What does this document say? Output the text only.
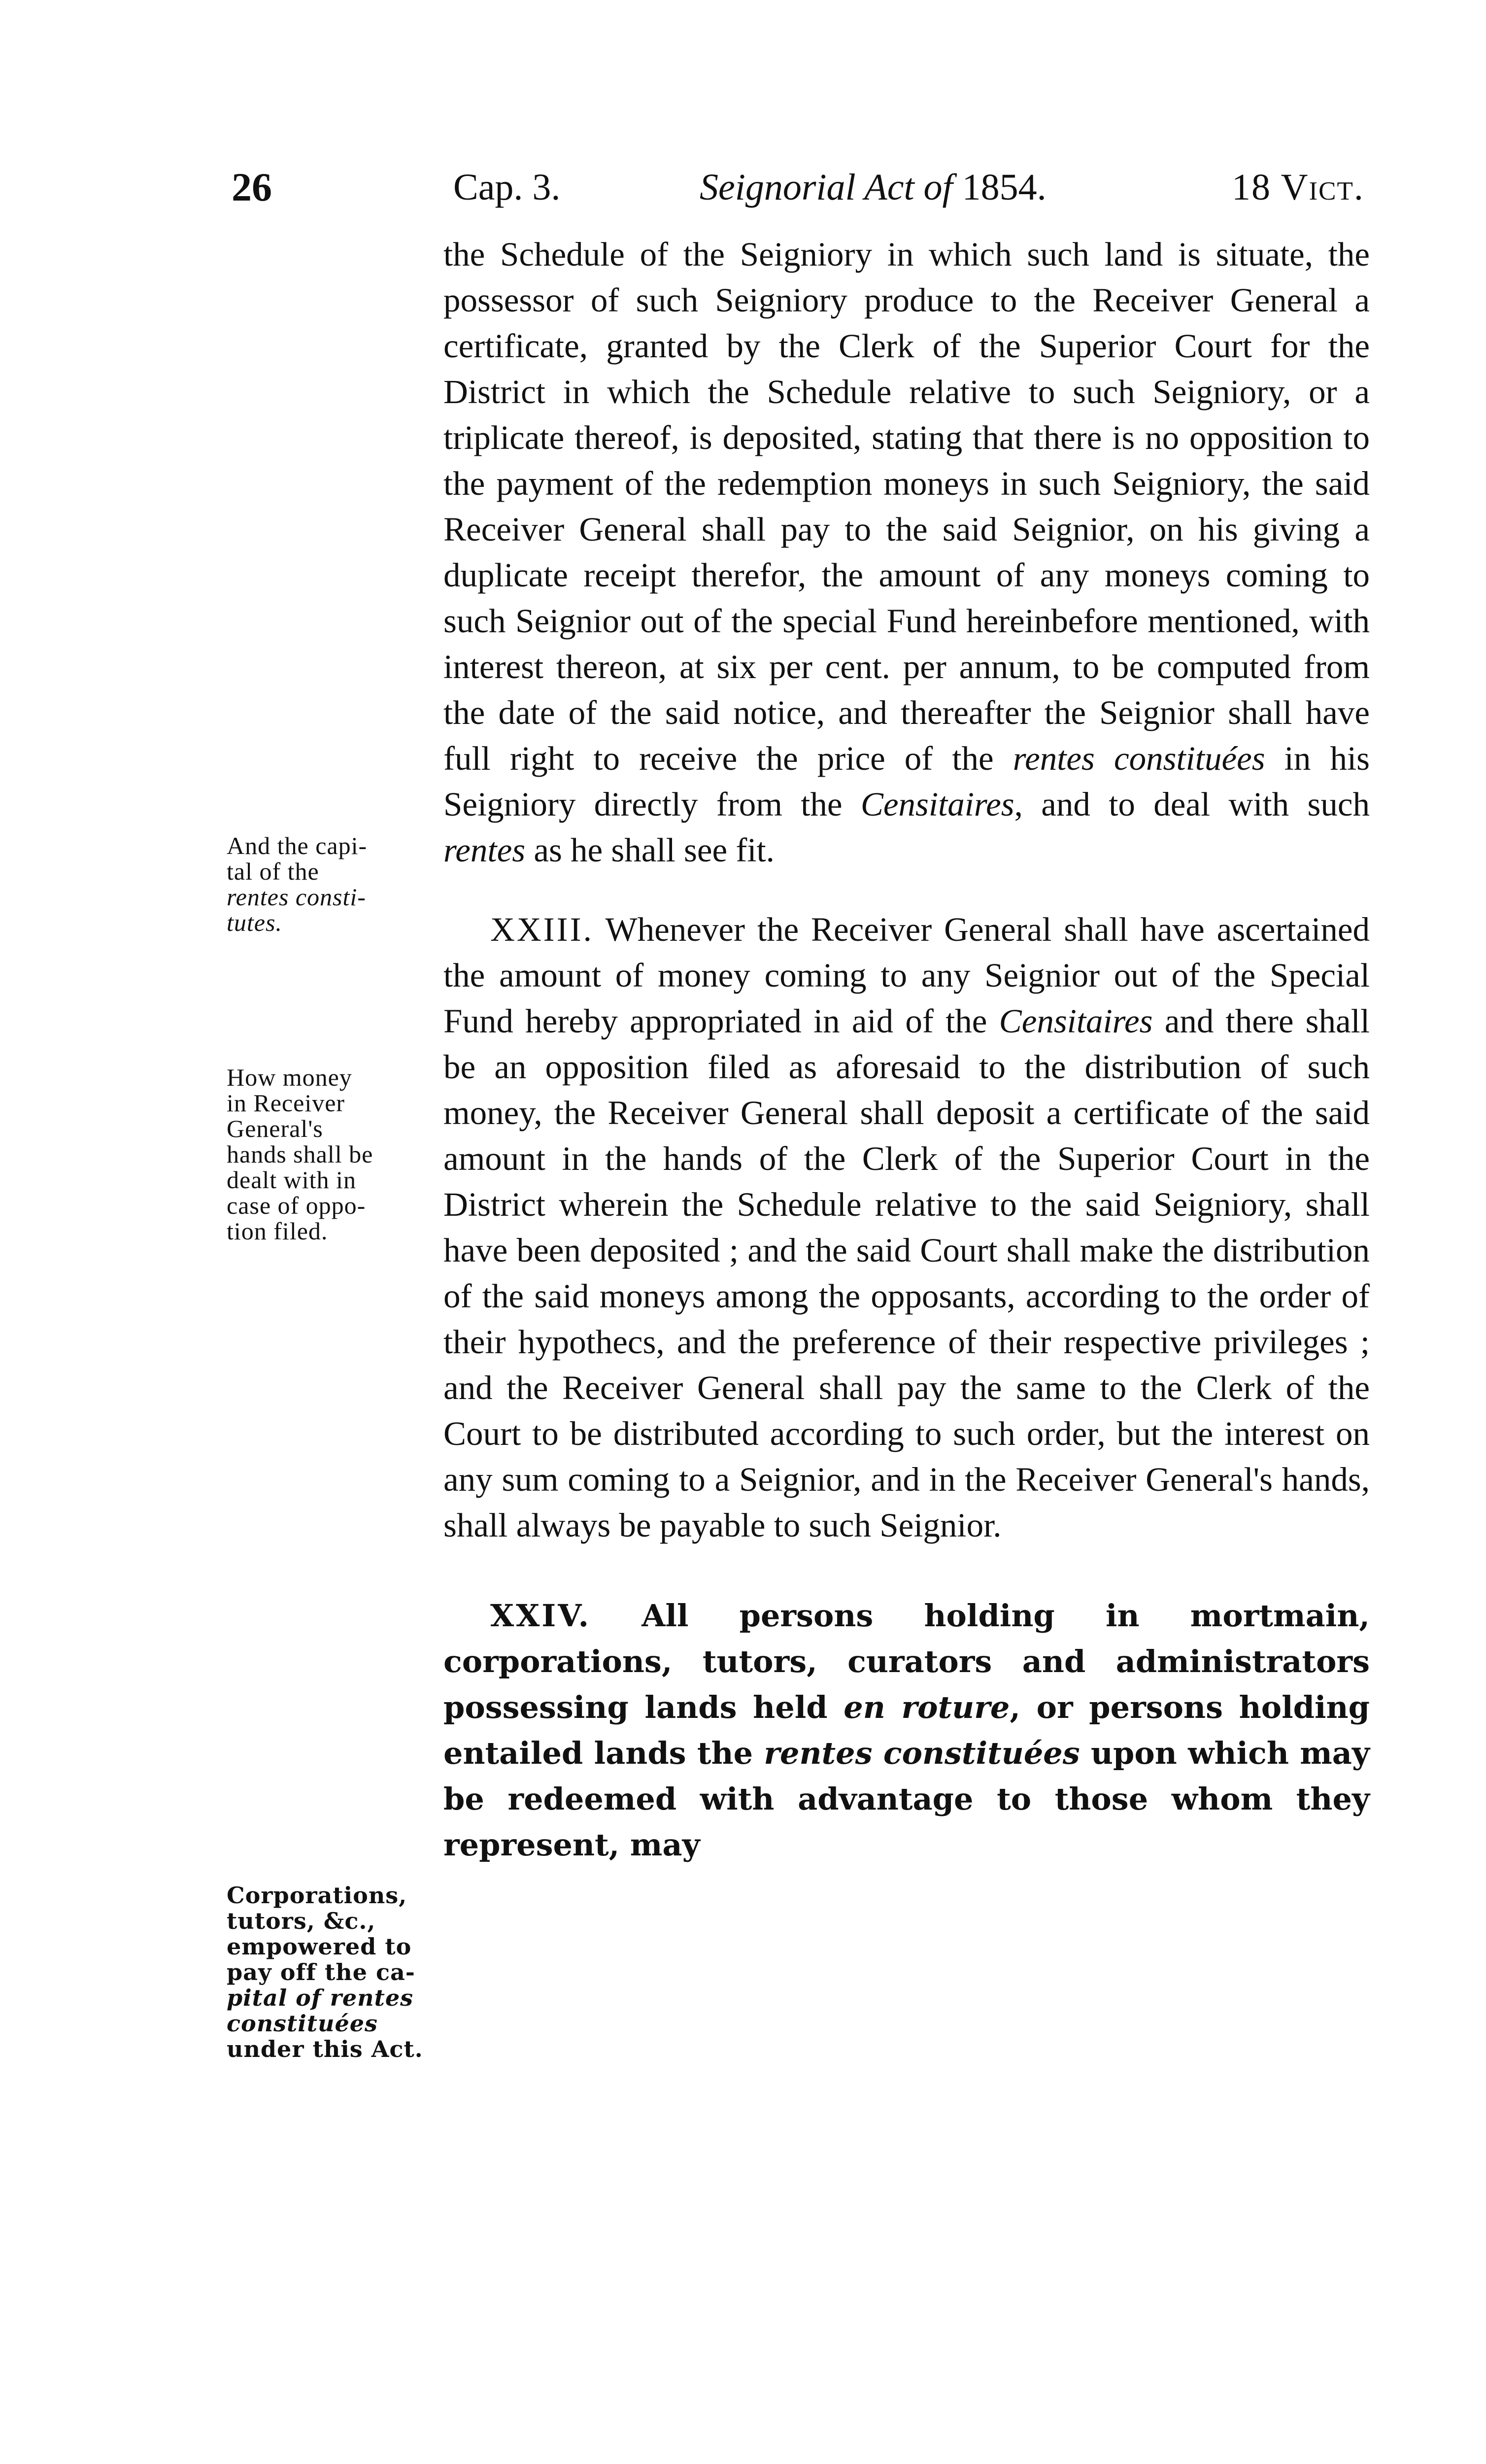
26	Cap. 3.	Seignorial Act of 1854.	18 Vict.
And the capi-
tal of the
rentes consti-
tutes.
How money
in Receiver
General's
hands shall be
dealt with in
case of oppo-
tion filed.
Corporations,
tutors, &c.,
empowered to
pay off the ca-
pital of rentes
constituées
under this Act.

the Schedule of the Seigniory in which such land is situate, the possessor of such Seigniory produce to the Receiver General a certificate, granted by the Clerk of the Superior Court for the District in which the Schedule relative to such Seigniory, or a triplicate thereof, is deposited, stating that there is no opposition to the payment of the redemption moneys in such Seigniory, the said Receiver General shall pay to the said Seignior, on his giving a duplicate receipt therefor, the amount of any moneys coming to such Seignior out of the special Fund hereinbefore mentioned, with interest thereon, at six per cent. per annum, to be computed from the date of the said notice, and thereafter the Seignior shall have full right to receive the price of the rentes constituées in his Seigniory directly from the Censitaires, and to deal with such rentes as he shall see fit.

XXIII. Whenever the Receiver General shall have ascertained the amount of money coming to any Seignior out of the Special Fund hereby appropriated in aid of the Censitaires and there shall be an opposition filed as aforesaid to the distribution of such money, the Receiver General shall deposit a certificate of the said amount in the hands of the Clerk of the Superior Court in the District wherein the Schedule relative to the said Seigniory, shall have been deposited ; and the said Court shall make the distribution of the said moneys among the opposants, according to the order of their hypothecs, and the preference of their respective privileges ; and the Receiver General shall pay the same to the Clerk of the Court to be distributed according to such order, but the interest on any sum coming to a Seignior, and in the Receiver General's hands, shall always be payable to such Seignior.

XXIV. All persons holding in mortmain, corporations, tutors, curators and administrators possessing lands held en roture, or persons holding entailed lands the rentes constituées upon which may be redeemed with advantage to those whom they represent, may
